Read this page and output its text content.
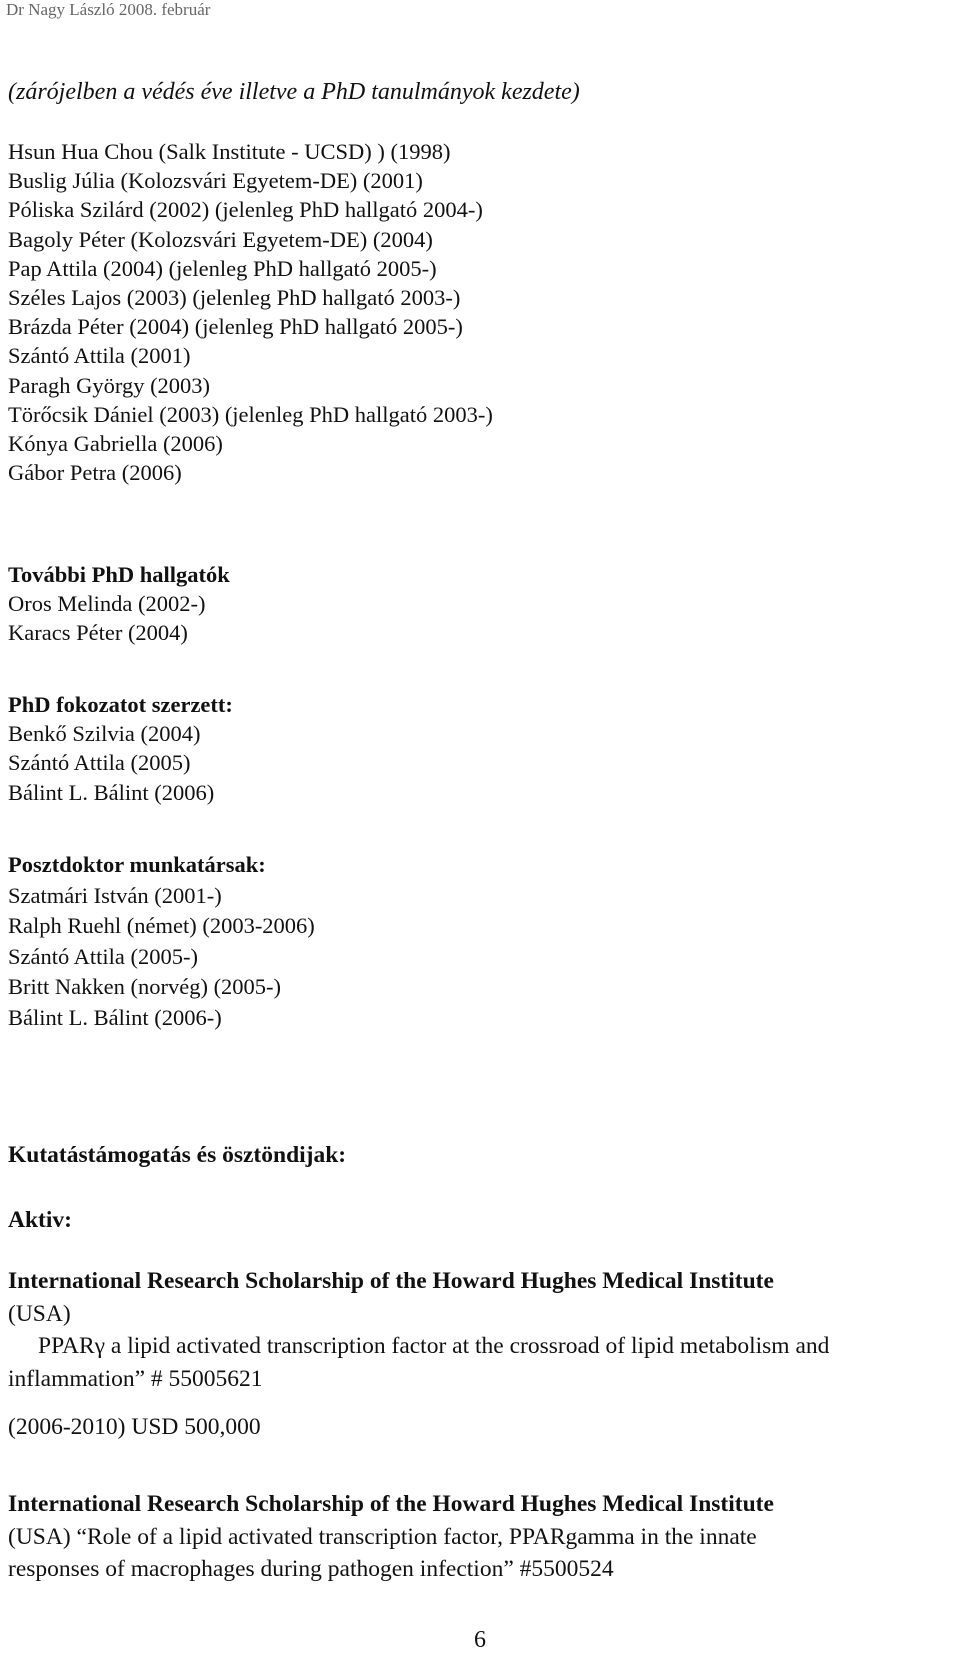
Dr Nagy László 2008. február
(zárójelben a védés éve illetve a PhD tanulmányok kezdete)
Hsun Hua Chou (Salk Institute - UCSD) ) (1998)
Buslig Júlia (Kolozsvári Egyetem-DE) (2001)
Póliska Szilárd (2002) (jelenleg PhD hallgató 2004-)
Bagoly Péter (Kolozsvári Egyetem-DE) (2004)
Pap Attila (2004) (jelenleg PhD hallgató 2005-)
Széles Lajos (2003) (jelenleg PhD hallgató 2003-)
Brázda Péter (2004) (jelenleg PhD hallgató 2005-)
Szántó Attila (2001)
Paragh György (2003)
Törőcsik Dániel (2003) (jelenleg PhD hallgató 2003-)
Kónya Gabriella (2006)
Gábor Petra (2006)
További PhD hallgatók
Oros Melinda (2002-)
Karacs Péter (2004)
PhD fokozatot szerzett:
Benkő Szilvia (2004)
Szántó Attila (2005)
Bálint L. Bálint (2006)
Posztdoktor munkatársak:
Szatmári István (2001-)
Ralph Ruehl (német) (2003-2006)
Szántó Attila (2005-)
Britt Nakken (norvég) (2005-)
Bálint L. Bálint (2006-)
Kutatástámogatás és ösztöndijak:
Aktiv:
International Research Scholarship of the Howard Hughes Medical Institute
(USA)
PPARγ a lipid activated transcription factor at the crossroad of lipid metabolism and
inflammation” # 55005621
(2006-2010) USD 500,000
International Research Scholarship of the Howard Hughes Medical Institute
(USA) “Role of a lipid activated transcription factor, PPARgamma in the innate
responses of macrophages during pathogen infection” #5500524
6
